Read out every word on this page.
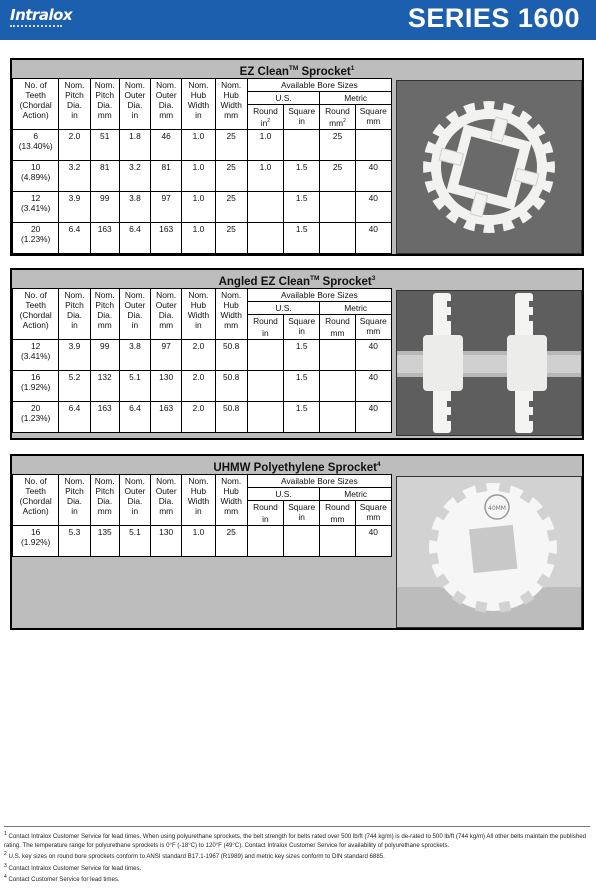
Intralox	SERIES 1600
EZ Clean™ Sprocket$^1$
No. of
Teeth
(Chordal
Action)	Nom.
Pitch
Dia.
in	Nom.
Pitch
Dia.
mm	Nom.
Outer
Dia.
in	Nom.
Outer
Dia.
mm	Nom.
Hub
Width
in	Nom.
Hub
Width
mm	Available Bore Sizes			
							U.S.		Metric	

							Round
$in^2$	Square
in	Round
$mm^2$	Square
mm

6
(13.40%)	2.0	51	1.8	46	1.0	25	1.0		25	

10
(4.89%)	3.2	81	3.2	81	1.0	25	1.0	1.5	25	40

12
(3.41%)	3.9	99	3.8	97	1.0	25		1.5		40

20
(1.23%)	6.4	163	6.4	163	1.0	25		1.5		40
Angled EZ Clean™ Sprocket$^3$
No. of
Teeth
(Chordal
Action)	Nom.
Pitch
Dia.
in	Nom.
Pitch
Dia.
mm	Nom.
Outer
Dia.
in	Nom.
Outer
Dia.
mm	Nom.
Hub
Width
in	Nom.
Hub
Width
mm	Available Bore Sizes			
							U.S.		Metric	

							Round
in	Square
in	Round
mm	Square
mm

12
(3.41%)	3.9	99	3.8	97	2.0	50.8		1.5		40

16
(1.92%)	5.2	132	5.1	130	2.0	50.8		1.5		40

20
(1.23%)	6.4	163	6.4	163	2.0	50.8		1.5		40
UHMW Polyethylene Sprocket$^4$
No. of
Teeth
(Chordal
Action)	Nom.
Pitch
Dia.
in	Nom.
Pitch
Dia.
mm	Nom.
Outer
Dia.
in	Nom.
Outer
Dia.
mm	Nom.
Hub
Width
in	Nom.
Hub
Width
mm	Available Bore Sizes			
							U.S.		Metric	

							Round
in	Square
in	Round
mm	Square
mm

16
(1.92%)	5.3	135	5.1	130	1.0	25				40
40MM
$^1$ Contact Intralox Customer Service for lead times. When using polyurethane sprockets, the belt strength for belts rated over 500 lb/ft (744 kg/m) is de-rated to 500 lb/ft (744 kg/m) All other belts maintain the published rating. The temperature range for polyurethane sprockets is 0°F (-18°C) to 120°F (49°C). Contact Intralox Customer Service for availability of polyurethane sprockets.
$^2$ U.S. key sizes on round bore sprockets conform to ANSI standard B17.1-1967 (R1989) and metric key sizes conform to DIN standard 6885.
$^3$ Contact Intralox Customer Service for lead times.
$^4$ Contact Customer Service for lead times.
